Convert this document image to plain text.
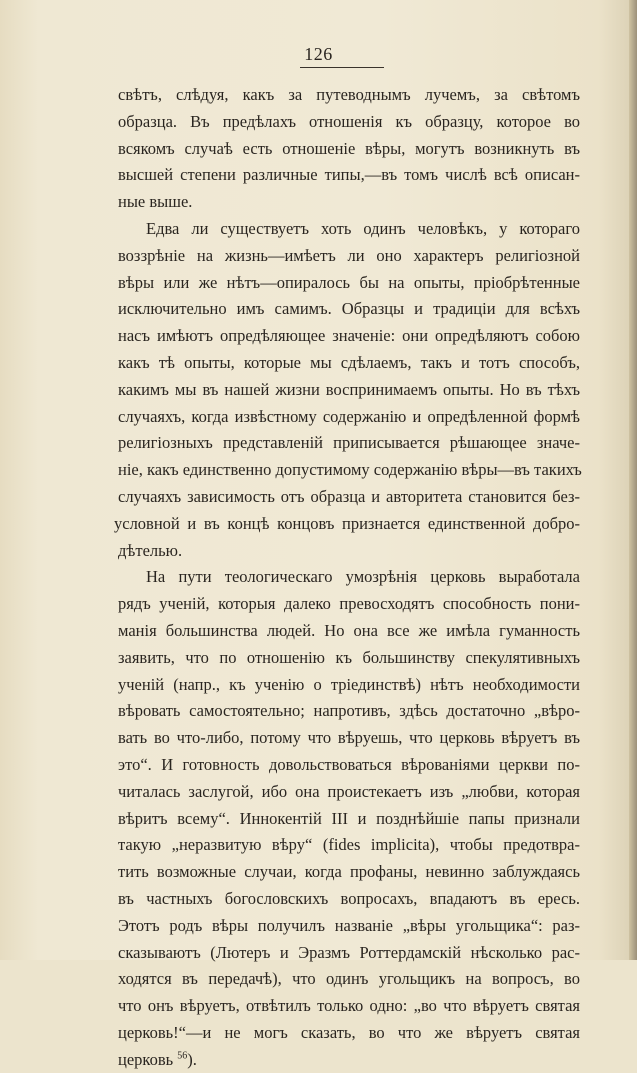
126
свѣтъ, слѣдуя, какъ за путеводнымъ лучемъ, за свѣтомъ
образца. Въ предѣлахъ отношенія къ образцу, которое во
всякомъ случаѣ есть отношеніе вѣры, могутъ возникнуть въ
высшей степени различные типы,—въ томъ числѣ всѣ описан-
ные выше.
Едва ли существуетъ хоть одинъ человѣкъ, у котораго
воззрѣніе на жизнь—имѣетъ ли оно характеръ религіозной
вѣры или же нѣтъ—опиралось бы на опыты, пріобрѣтенные
исключительно имъ самимъ. Образцы и традиціи для всѣхъ
насъ имѣютъ опредѣляющее значеніе: они опредѣляютъ собою
какъ тѣ опыты, которые мы сдѣлаемъ, такъ и тотъ способъ,
какимъ мы въ нашей жизни воспринимаемъ опыты. Но въ тѣхъ
случаяхъ, когда извѣстному содержанію и опредѣленной формѣ
религіозныхъ представленій приписывается рѣшающее значе-
ніе, какъ единственно допустимому содержанію вѣры—въ такихъ
случаяхъ зависимость отъ образца и авторитета становится без-
условной и въ концѣ концовъ признается единственной добро-
дѣтелью.
На пути теологическаго умозрѣнія церковь выработала
рядъ ученій, которыя далеко превосходятъ способность пони-
манія большинства людей. Но она все же имѣла гуманность
заявить, что по отношенію къ большинству спекулятивныхъ
ученій (напр., къ ученію о тріединствѣ) нѣтъ необходимости
вѣровать самостоятельно; напротивъ, здѣсь достаточно „вѣро-
вать во что-либо, потому что вѣруешь, что церковь вѣруетъ въ
это“. И готовность довольствоваться вѣрованіями церкви по-
читалась заслугой, ибо она проистекаетъ изъ „любви, которая
вѣритъ всему“. Иннокентій III и позднѣйшіе папы признали
такую „неразвитую вѣру“ (fides implicita), чтобы предотвра-
тить возможные случаи, когда профаны, невинно заблуждаясь
въ частныхъ богословскихъ вопросахъ, впадаютъ въ ересь.
Этотъ родъ вѣры получилъ названіе „вѣры угольщика“: раз-
сказываютъ (Лютеръ и Эразмъ Роттердамскій нѣсколько рас-
ходятся въ передачѣ), что одинъ угольщикъ на вопросъ, во
что онъ вѣруетъ, отвѣтилъ только одно: „во что вѣруетъ святая
церковь!“—и не могъ сказать, во что же вѣруетъ святая
церковь $^{56}$).
